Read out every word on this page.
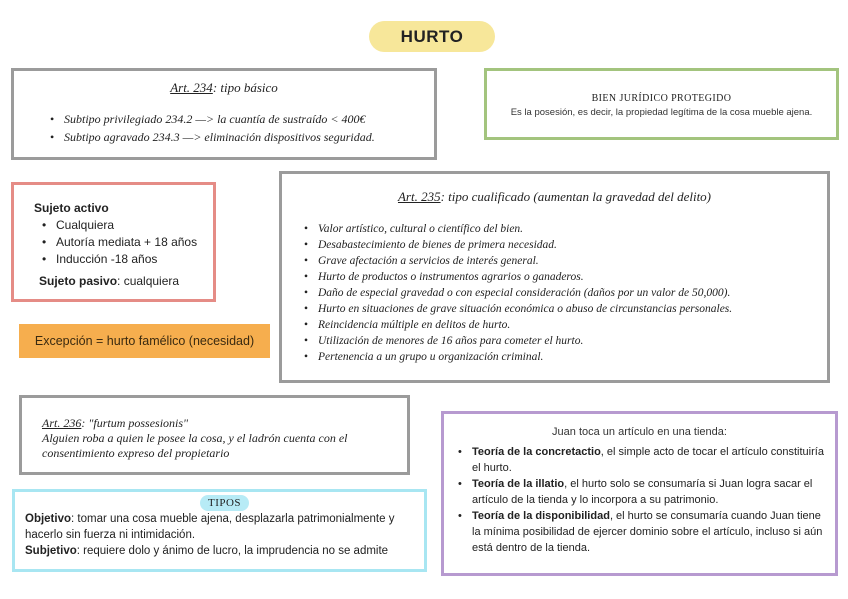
HURTO
Art. 234: tipo básico
• Subtipo privilegiado 234.2 —> la cuantía de sustraído < 400€
• Subtipo agravado 234.3 —> eliminación dispositivos seguridad.
BIEN JURÍDICO PROTEGIDO
Es la posesión, es decir, la propiedad legítima de la cosa mueble ajena.
Sujeto activo
• Cualquiera
• Autoría mediata + 18 años
• Inducción -18 años
Sujeto pasivo: cualquiera
Excepción = hurto famélico (necesidad)
Art. 235: tipo cualificado (aumentan la gravedad del delito)
• Valor artístico, cultural o científico del bien.
• Desabastecimiento de bienes de primera necesidad.
• Grave afectación a servicios de interés general.
• Hurto de productos o instrumentos agrarios o ganaderos.
• Daño de especial gravedad o con especial consideración (daños por un valor de 50,000).
• Hurto en situaciones de grave situación económica o abuso de circunstancias personales.
• Reincidencia múltiple en delitos de hurto.
• Utilización de menores de 16 años para cometer el hurto.
• Pertenencia a un grupo u organización criminal.
Art. 236: "furtum possesionis"
Alguien roba a quien le posee la cosa, y el ladrón cuenta con el consentimiento expreso del propietario
TIPOS
Objetivo: tomar una cosa mueble ajena, desplazarla patrimonialmente y hacerlo sin fuerza ni intimidación.
Subjetivo: requiere dolo y ánimo de lucro, la imprudencia no se admite
Juan toca un artículo en una tienda:
• Teoría de la concretactio, el simple acto de tocar el artículo constituiría el hurto.
• Teoría de la illatio, el hurto solo se consumaría si Juan logra sacar el artículo de la tienda y lo incorpora a su patrimonio.
• Teoría de la disponibilidad, el hurto se consumaría cuando Juan tiene la mínima posibilidad de ejercer dominio sobre el artículo, incluso si aún está dentro de la tienda.
